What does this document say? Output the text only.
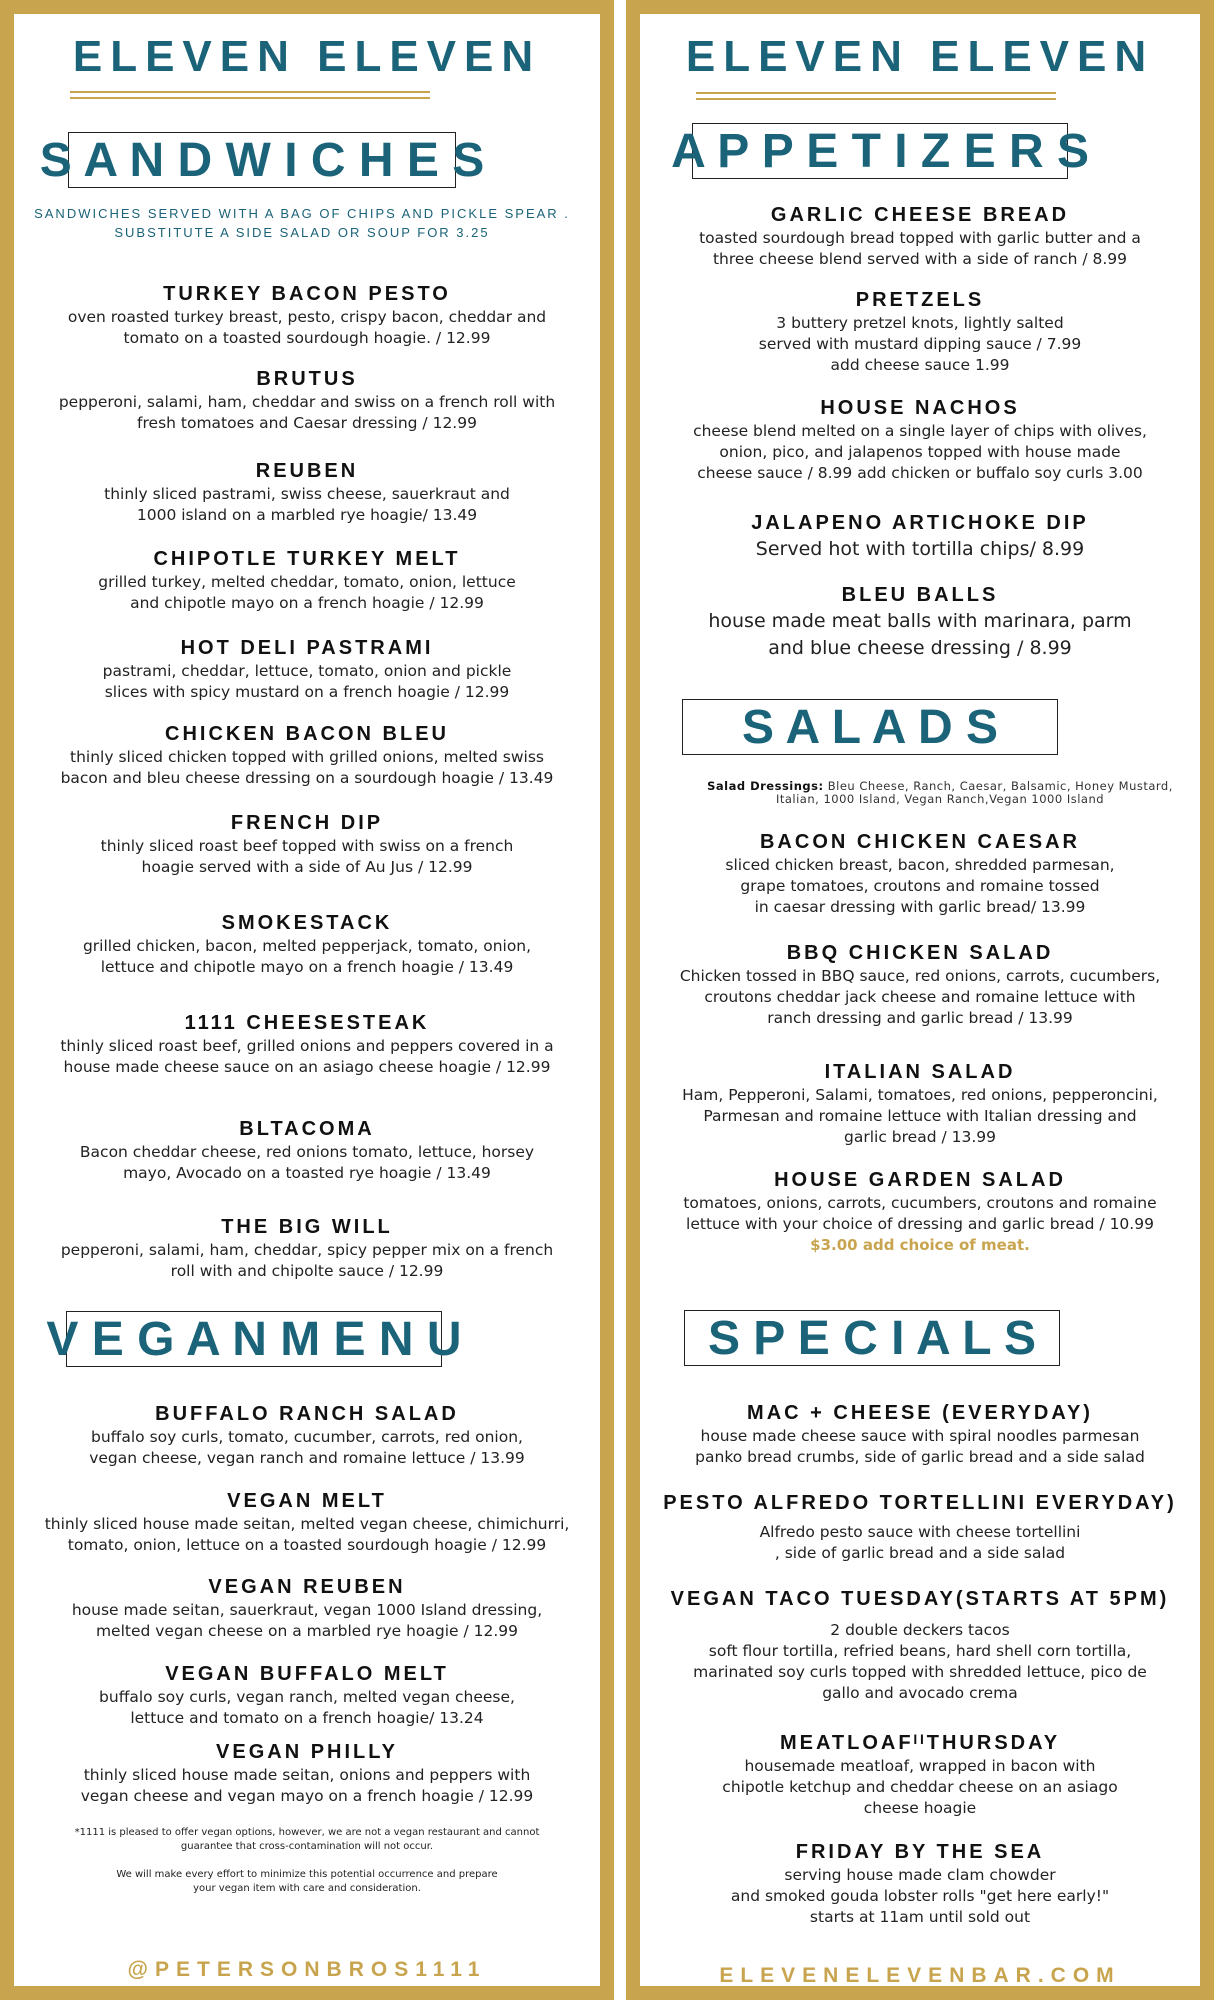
ELEVEN ELEVEN
S A N D W I C H E S
SANDWICHES SERVED WITH A BAG OF CHIPS AND PICKLE SPEAR .
SUBSTITUTE A SIDE SALAD OR SOUP FOR 3.25
TURKEY BACON PESTO
oven roasted turkey breast, pesto, crispy bacon, cheddar and
tomato on a toasted sourdough hoagie. / 12.99
BRUTUS
pepperoni, salami, ham, cheddar and swiss on a french roll with
fresh tomatoes and Caesar dressing / 12.99
REUBEN
thinly sliced pastrami, swiss cheese, sauerkraut and
1000 island on a marbled rye hoagie/ 13.49
CHIPOTLE TURKEY MELT
grilled turkey, melted cheddar, tomato, onion, lettuce
and chipotle mayo on a french hoagie / 12.99
HOT DELI PASTRAMI
pastrami, cheddar, lettuce, tomato, onion and pickle
slices with spicy mustard on a french hoagie / 12.99
CHICKEN BACON BLEU
thinly sliced chicken topped with grilled onions, melted swiss
bacon and bleu cheese dressing on a sourdough hoagie / 13.49
FRENCH DIP
thinly sliced roast beef topped with swiss on a french
hoagie served with a side of Au Jus / 12.99
SMOKESTACK
grilled chicken, bacon, melted pepperjack, tomato, onion,
lettuce and chipotle mayo on a french hoagie / 13.49
1111 CHEESESTEAK
thinly sliced roast beef, grilled onions and peppers covered in a
house made cheese sauce on an asiago cheese hoagie / 12.99
BLTACOMA
Bacon cheddar cheese, red onions tomato, lettuce, horsey
mayo, Avocado on a toasted rye hoagie / 13.49
THE BIG WILL
pepperoni, salami, ham, cheddar, spicy pepper mix on a french
roll with and chipolte sauce / 12.99
V E G A N M E N U
BUFFALO RANCH SALAD
buffalo soy curls, tomato, cucumber, carrots, red onion,
vegan cheese, vegan ranch and romaine lettuce / 13.99
VEGAN MELT
thinly sliced house made seitan, melted vegan cheese, chimichurri,
tomato, onion, lettuce on a toasted sourdough hoagie / 12.99
VEGAN REUBEN
house made seitan, sauerkraut, vegan 1000 Island dressing,
melted vegan cheese on a marbled rye hoagie / 12.99
VEGAN BUFFALO MELT
buffalo soy curls, vegan ranch, melted vegan cheese,
lettuce and tomato on a french hoagie/ 13.24
VEGAN PHILLY
thinly sliced house made seitan, onions and peppers with
vegan cheese and vegan mayo on a french hoagie / 12.99
*1111 is pleased to offer vegan options, however, we are not a vegan restaurant and cannot
guarantee that cross-contamination will not occur.
We will make every effort to minimize this potential occurrence and prepare
your vegan item with care and consideration.
@PETERSONBROS1111
ELEVEN ELEVEN
A P P E T I Z E R S
GARLIC CHEESE BREAD
toasted sourdough bread topped with garlic butter and a
three cheese blend served with a side of ranch / 8.99
PRETZELS
3 buttery pretzel knots, lightly salted
served with mustard dipping sauce / 7.99
add cheese sauce 1.99
HOUSE NACHOS
cheese blend melted on a single layer of chips with olives,
onion, pico, and jalapenos topped with house made
cheese sauce / 8.99 add chicken or buffalo soy curls 3.00
JALAPENO ARTICHOKE DIP
Served hot with tortilla chips/ 8.99
BLEU BALLS
house made meat balls with marinara, parm
and blue cheese dressing / 8.99
S A L A D S
Salad Dressings: Bleu Cheese, Ranch, Caesar, Balsamic, Honey Mustard,
Italian, 1000 Island, Vegan Ranch,Vegan 1000 Island
BACON CHICKEN CAESAR
sliced chicken breast, bacon, shredded parmesan,
grape tomatoes, croutons and romaine tossed
in caesar dressing with garlic bread/ 13.99
BBQ CHICKEN SALAD
Chicken tossed in BBQ sauce, red onions, carrots, cucumbers,
croutons cheddar jack cheese and romaine lettuce with
ranch dressing and garlic bread / 13.99
ITALIAN SALAD
Ham, Pepperoni, Salami, tomatoes, red onions, pepperoncini,
Parmesan and romaine lettuce with Italian dressing and
garlic bread / 13.99
HOUSE GARDEN SALAD
tomatoes, onions, carrots, cucumbers, croutons and romaine
lettuce with your choice of dressing and garlic bread / 10.99
$3.00 add choice of meat.
S P E C I A L S
MAC + CHEESE (EVERYDAY)
house made cheese sauce with spiral noodles parmesan
panko bread crumbs, side of garlic bread and a side salad
PESTO ALFREDO TORTELLINI EVERYDAY)
Alfredo pesto sauce with cheese tortellini
, side of garlic bread and a side salad
VEGAN TACO TUESDAY(STARTS AT 5PM)
2 double deckers tacos
soft flour tortilla, refried beans, hard shell corn tortilla,
marinated soy curls topped with shredded lettuce, pico de
gallo and avocado crema
MEATLOAFᴵᴵTHURSDAY
housemade meatloaf, wrapped in bacon with
chipotle ketchup and cheddar cheese on an asiago
cheese hoagie
FRIDAY BY THE SEA
serving house made clam chowder
and smoked gouda lobster rolls "get here early!"
starts at 11am until sold out
ELEVENELEVENBAR.COM
